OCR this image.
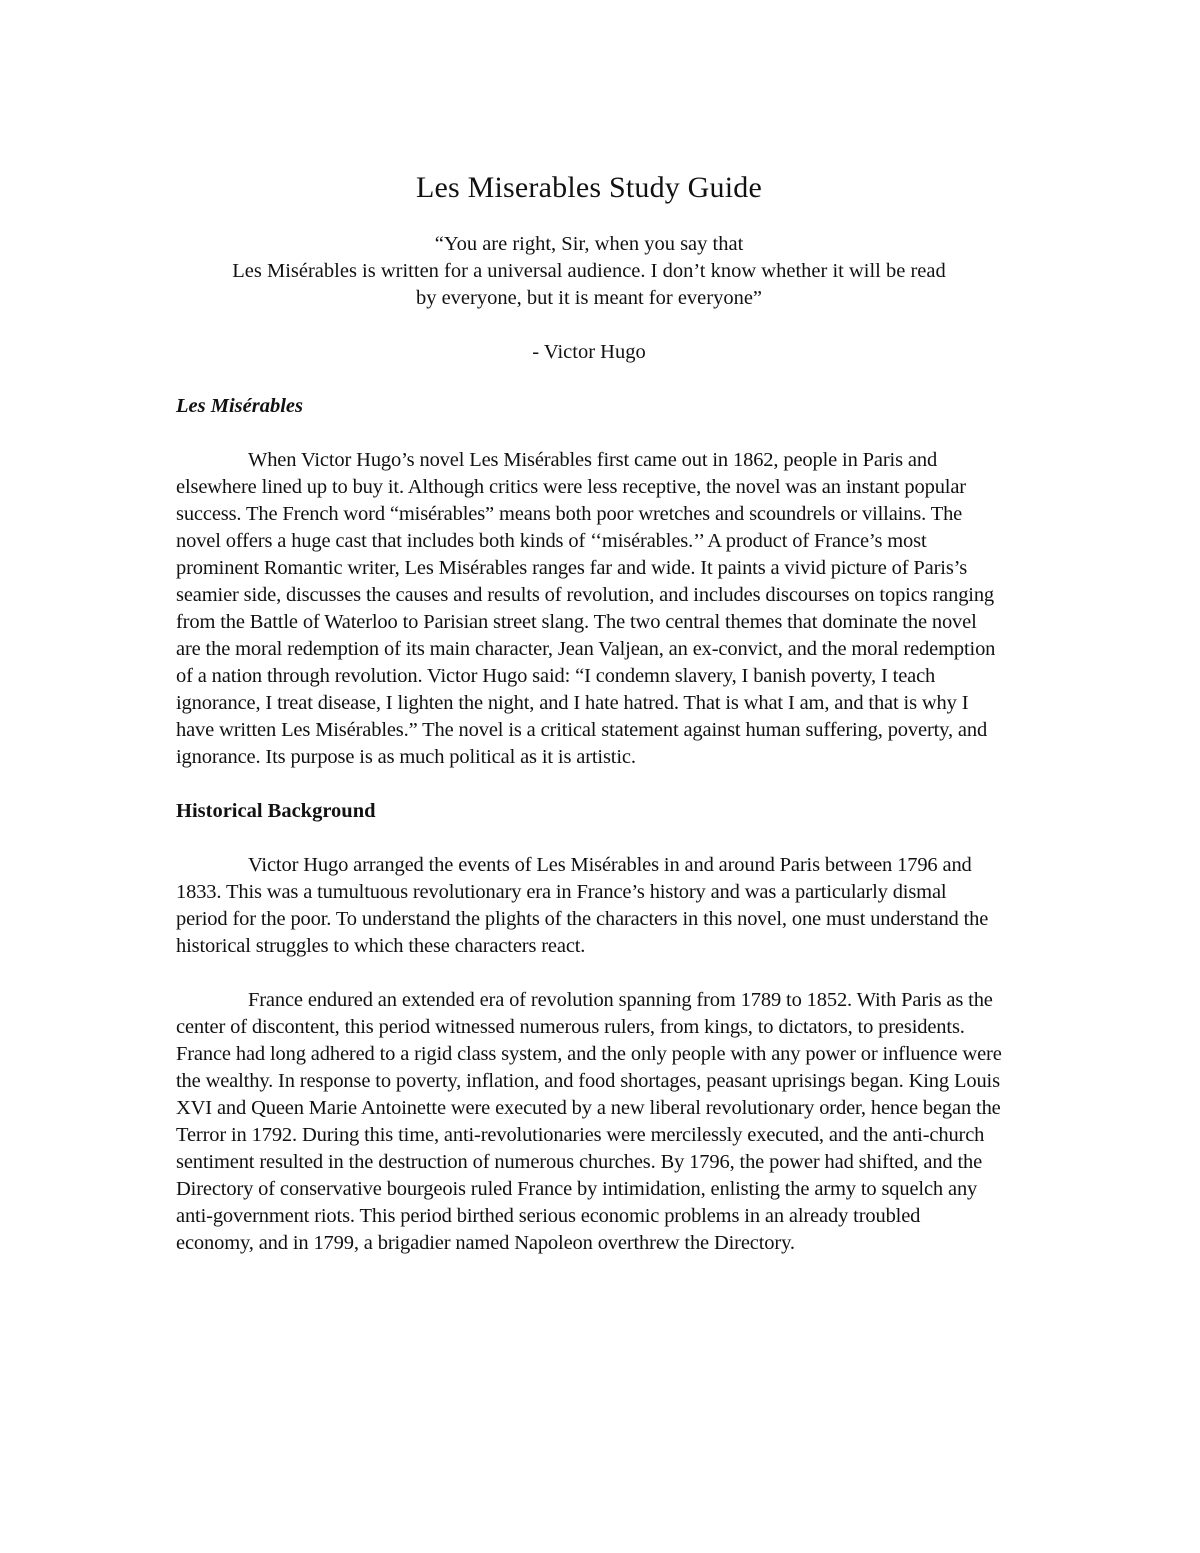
Les Miserables Study Guide
“You are right, Sir, when you say that
Les Misérables is written for a universal audience. I don’t know whether it will be read
by everyone, but it is meant for everyone”
- Victor Hugo
Les Misérables

When Victor Hugo’s novel Les Misérables first came out in 1862, people in Paris and elsewhere lined up to buy it. Although critics were less receptive, the novel was an instant popular success. The French word “misérables” means both poor wretches and scoundrels or villains. The novel offers a huge cast that includes both kinds of ‘‘misérables.’’ A product of France’s most prominent Romantic writer, Les Misérables ranges far and wide. It paints a vivid picture of Paris’s seamier side, discusses the causes and results of revolution, and includes discourses on topics ranging from the Battle of Waterloo to Parisian street slang. The two central themes that dominate the novel are the moral redemption of its main character, Jean Valjean, an ex-convict, and the moral redemption of a nation through revolution. Victor Hugo said: “I condemn slavery, I banish poverty, I teach ignorance, I treat disease, I lighten the night, and I hate hatred. That is what I am, and that is why I have written Les Misérables.” The novel is a critical statement against human suffering, poverty, and ignorance. Its purpose is as much political as it is artistic.

Historical Background

Victor Hugo arranged the events of Les Misérables in and around Paris between 1796 and 1833. This was a tumultuous revolutionary era in France’s history and was a particularly dismal period for the poor. To understand the plights of the characters in this novel, one must understand the historical struggles to which these characters react.

France endured an extended era of revolution spanning from 1789 to 1852. With Paris as the center of discontent, this period witnessed numerous rulers, from kings, to dictators, to presidents. France had long adhered to a rigid class system, and the only people with any power or influence were the wealthy. In response to poverty, inflation, and food shortages, peasant uprisings began. King Louis XVI and Queen Marie Antoinette were executed by a new liberal revolutionary order, hence began the Terror in 1792. During this time, anti-revolutionaries were mercilessly executed, and the anti-church sentiment resulted in the destruction of numerous churches. By 1796, the power had shifted, and the Directory of conservative bourgeois ruled France by intimidation, enlisting the army to squelch any anti-government riots. This period birthed serious economic problems in an already troubled economy, and in 1799, a brigadier named Napoleon overthrew the Directory.
